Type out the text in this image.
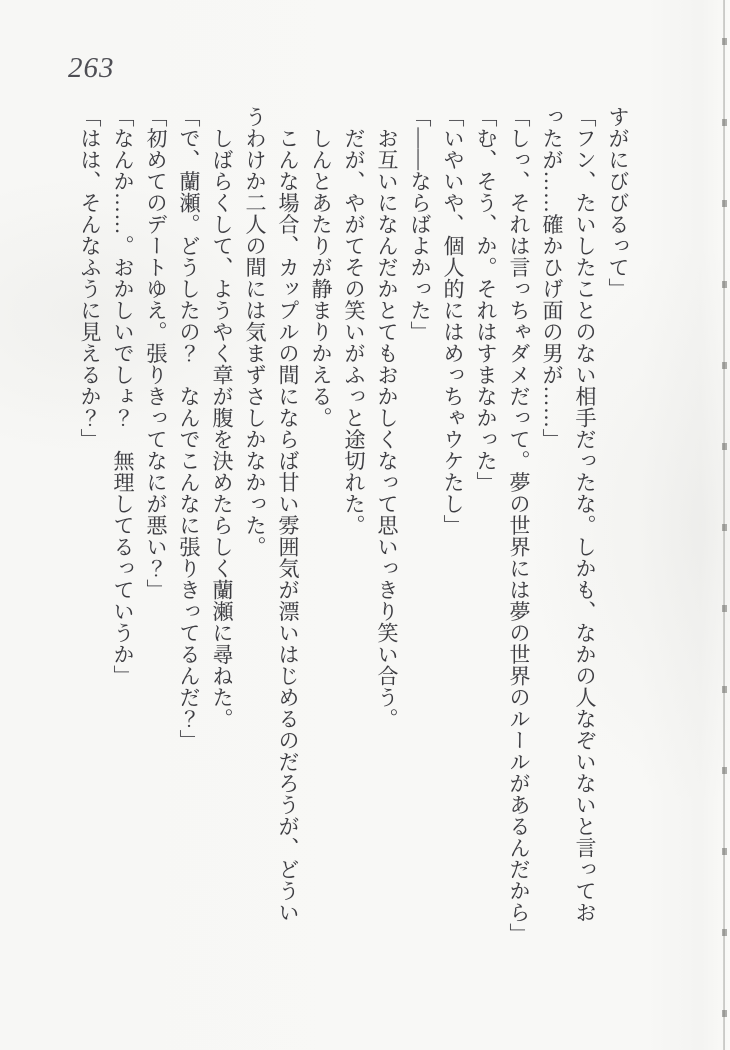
263
すがにびびるって」
「フン、たいしたことのない相手だったな。しかも、なかの人なぞいないと言ってお
ったが……確かひげ面の男が……」
「しっ、それは言っちゃダメだって。夢の世界には夢の世界のルールがあるんだから」
「む、そう、か。それはすまなかった」
「いやいや、個人的にはめっちゃウケたし」
「――ならばよかった」
　お互いになんだかとてもおかしくなって思いっきり笑い合う。
　だが、やがてその笑いがふっと途切れた。
　しんとあたりが静まりかえる。
　こんな場合、カップルの間にならば甘い雰囲気が漂いはじめるのだろうが、どうい
うわけか二人の間には気まずさしかなかった。
　しばらくして、ようやく章が腹を決めたらしく蘭瀬に尋ねた。
「で、蘭瀬。どうしたの？　なんでこんなに張りきってるんだ？」
「初めてのデートゆえ。張りきってなにが悪い？」
「なんか……。おかしいでしょ？　無理してるっていうか」
「はは、そんなふうに見えるか？」
